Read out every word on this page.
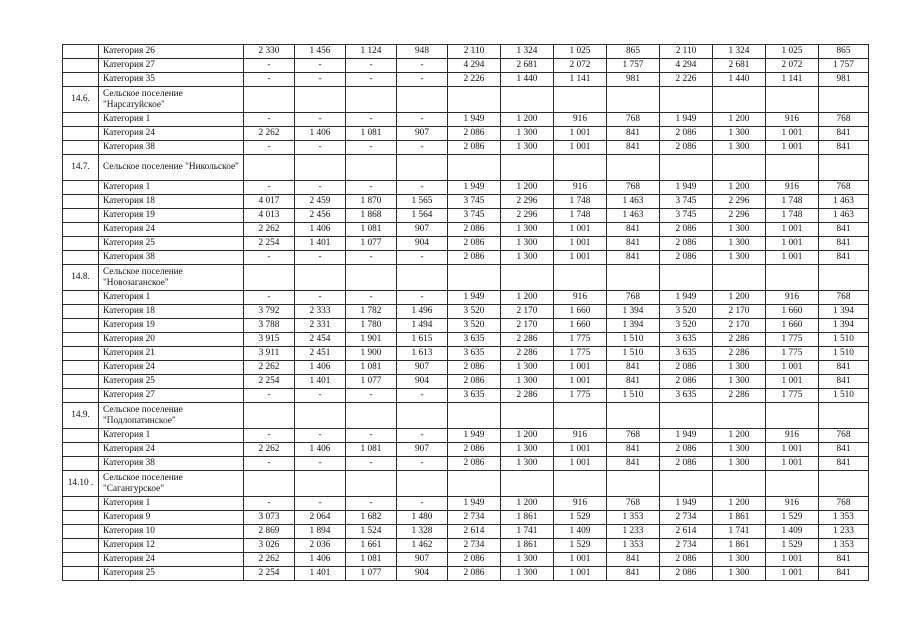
	Категория 26	2 330	1 456	1 124	948	2 110	1 324	1 025	865	2 110	1 324	1 025	865
	Категория 27	-	-	-	-	4 294	2 681	2 072	1 757	4 294	2 681	2 072	1 757
	Категория 35	-	-	-	-	2 226	1 440	1 141	981	2 226	1 440	1 141	981
14.6.	Сельское поселение "Нарсатуйское"												
	Категория 1	-	-	-	-	1 949	1 200	916	768	1 949	1 200	916	768
	Категория 24	2 262	1 406	1 081	907	2 086	1 300	1 001	841	2 086	1 300	1 001	841
	Категория 38	-	-	-	-	2 086	1 300	1 001	841	2 086	1 300	1 001	841
14.7.	Сельское поселение "Никольское"												
	Категория 1	-	-	-	-	1 949	1 200	916	768	1 949	1 200	916	768
	Категория 18	4 017	2 459	1 870	1 565	3 745	2 296	1 748	1 463	3 745	2 296	1 748	1 463
	Категория 19	4 013	2 456	1 868	1 564	3 745	2 296	1 748	1 463	3 745	2 296	1 748	1 463
	Категория 24	2 262	1 406	1 081	907	2 086	1 300	1 001	841	2 086	1 300	1 001	841
	Категория 25	2 254	1 401	1 077	904	2 086	1 300	1 001	841	2 086	1 300	1 001	841
	Категория 38	-	-	-	-	2 086	1 300	1 001	841	2 086	1 300	1 001	841
14.8.	Сельское поселение "Новозаганское"												
	Категория 1	-	-	-	-	1 949	1 200	916	768	1 949	1 200	916	768
	Категория 18	3 792	2 333	1 782	1 496	3 520	2 170	1 660	1 394	3 520	2 170	1 660	1 394
	Категория 19	3 788	2 331	1 780	1 494	3 520	2 170	1 660	1 394	3 520	2 170	1 660	1 394
	Категория 20	3 915	2 454	1 901	1 615	3 635	2 286	1 775	1 510	3 635	2 286	1 775	1 510
	Категория 21	3 911	2 451	1 900	1 613	3 635	2 286	1 775	1 510	3 635	2 286	1 775	1 510
	Категория 24	2 262	1 406	1 081	907	2 086	1 300	1 001	841	2 086	1 300	1 001	841
	Категория 25	2 254	1 401	1 077	904	2 086	1 300	1 001	841	2 086	1 300	1 001	841
	Категория 27	-	-	-	-	3 635	2 286	1 775	1 510	3 635	2 286	1 775	1 510
14.9.	Сельское поселение "Подлопатинское"												
	Категория 1	-	-	-	-	1 949	1 200	916	768	1 949	1 200	916	768
	Категория 24	2 262	1 406	1 081	907	2 086	1 300	1 001	841	2 086	1 300	1 001	841
	Категория 38	-	-	-	-	2 086	1 300	1 001	841	2 086	1 300	1 001	841
14.10 .	Сельское поселение "Сагангурское"												
	Категория 1	-	-	-	-	1 949	1 200	916	768	1 949	1 200	916	768
	Категория 9	3 073	2 064	1 682	1 480	2 734	1 861	1 529	1 353	2 734	1 861	1 529	1 353
	Категория 10	2 869	1 894	1 524	1 328	2 614	1 741	1 409	1 233	2 614	1 741	1 409	1 233
	Категория 12	3 026	2 036	1 661	1 462	2 734	1 861	1 529	1 353	2 734	1 861	1 529	1 353
	Категория 24	2 262	1 406	1 081	907	2 086	1 300	1 001	841	2 086	1 300	1 001	841
	Категория 25	2 254	1 401	1 077	904	2 086	1 300	1 001	841	2 086	1 300	1 001	841
